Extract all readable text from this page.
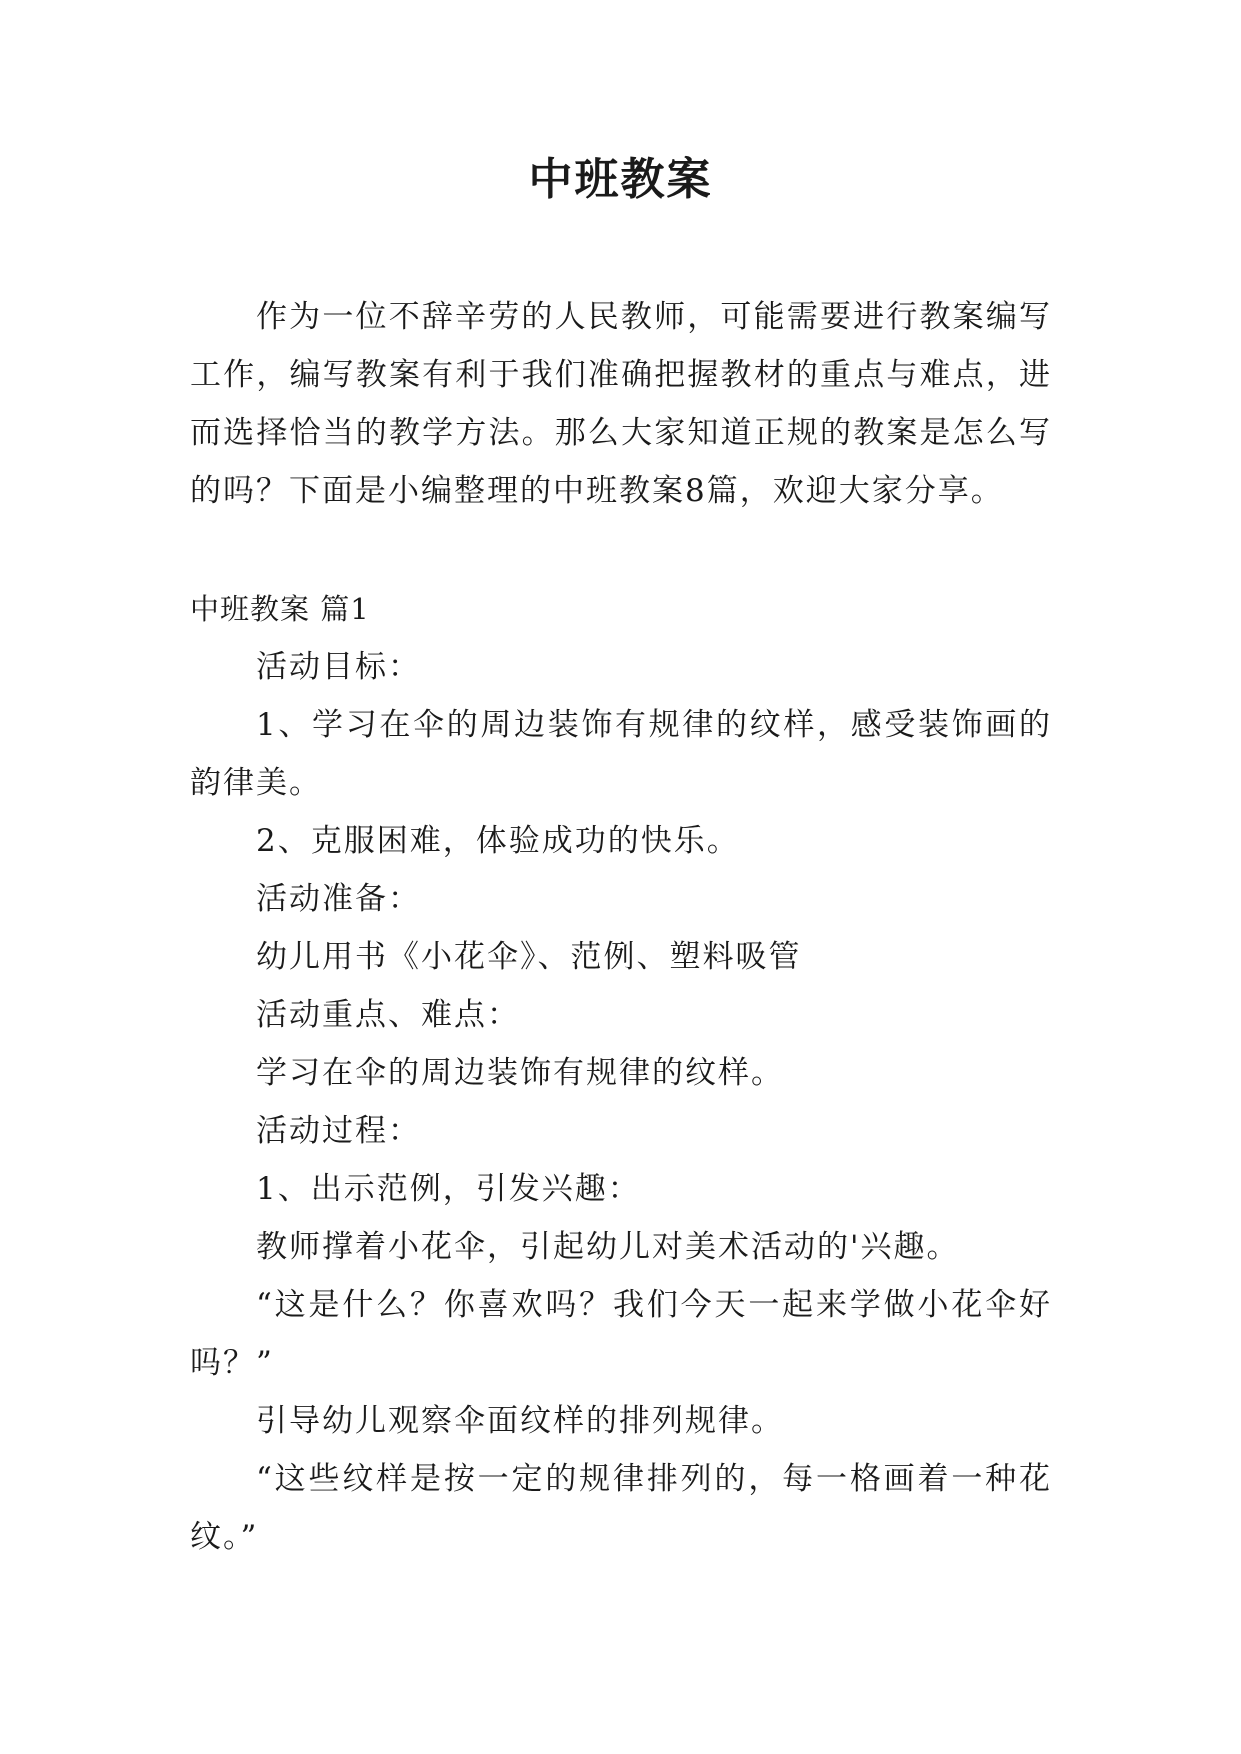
中班教案

作为一位不辞辛劳的人民教师，可能需要进行教案编写工作，编写教案有利于我们准确把握教材的重点与难点，进而选择恰当的教学方法。那么大家知道正规的教案是怎么写的吗？下面是小编整理的中班教案8篇，欢迎大家分享。

中班教案 篇1

活动目标：

1、学习在伞的周边装饰有规律的纹样，感受装饰画的韵律美。

2、克服困难，体验成功的快乐。

活动准备：

幼儿用书《小花伞》、范例、塑料吸管

活动重点、难点：

学习在伞的周边装饰有规律的纹样。

活动过程：

1、出示范例，引发兴趣：

教师撑着小花伞，引起幼儿对美术活动的'兴趣。

“这是什么？你喜欢吗？我们今天一起来学做小花伞好吗？”

引导幼儿观察伞面纹样的排列规律。

“这些纹样是按一定的规律排列的，每一格画着一种花纹。”
